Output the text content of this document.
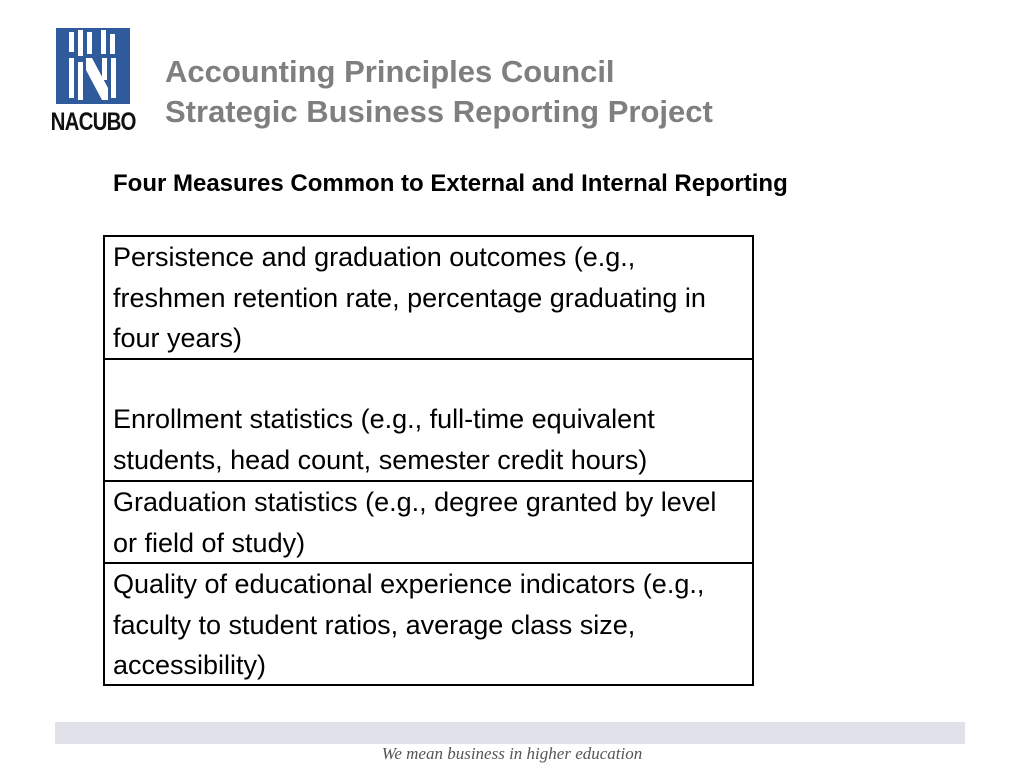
NACUBO
Accounting Principles Council
Strategic Business Reporting Project
Four Measures Common to External and Internal Reporting
Persistence and graduation outcomes (e.g., freshmen retention rate, percentage graduating in four years)
Enrollment statistics (e.g., full-time equivalent students, head count, semester credit hours)
Graduation statistics (e.g., degree granted by level or field of study)
Quality of educational experience indicators (e.g., faculty to student ratios, average class size, accessibility)
We mean business in higher education
